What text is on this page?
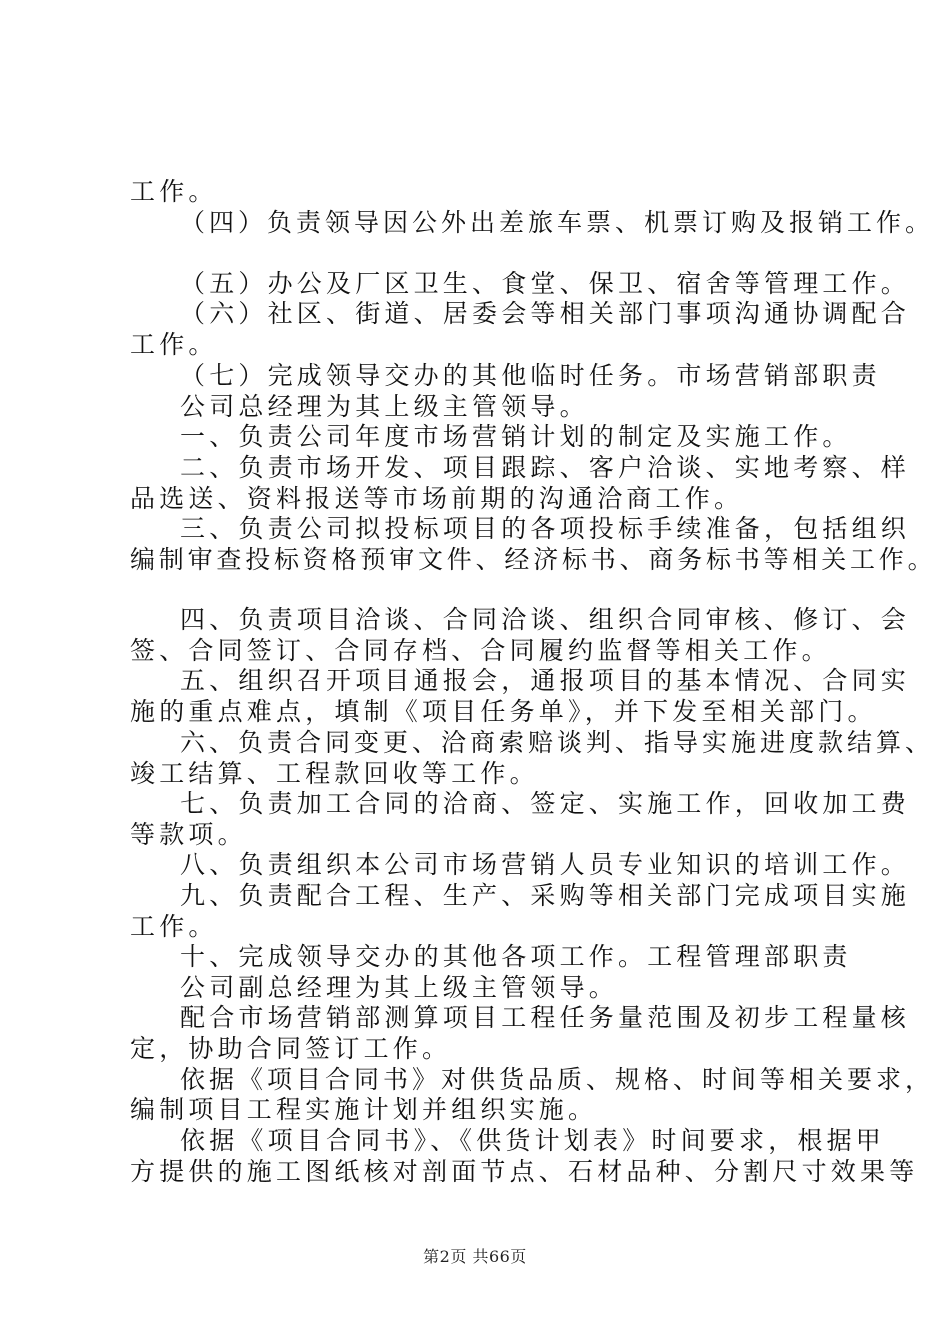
工作。
（四）负责领导因公外出差旅车票、机票订购及报销工作。
（五）办公及厂区卫生、食堂、保卫、宿舍等管理工作。
（六）社区、街道、居委会等相关部门事项沟通协调配合
工作。
（七）完成领导交办的其他临时任务。市场营销部职责
公司总经理为其上级主管领导。
一、负责公司年度市场营销计划的制定及实施工作。
二、负责市场开发、项目跟踪、客户洽谈、实地考察、样
品选送、资料报送等市场前期的沟通洽商工作。
三、负责公司拟投标项目的各项投标手续准备，包括组织
编制审查投标资格预审文件、经济标书、商务标书等相关工作。
四、负责项目洽谈、合同洽谈、组织合同审核、修订、会
签、合同签订、合同存档、合同履约监督等相关工作。
五、组织召开项目通报会，通报项目的基本情况、合同实
施的重点难点，填制《项目任务单》，并下发至相关部门。
六、负责合同变更、洽商索赔谈判、指导实施进度款结算、
竣工结算、工程款回收等工作。
七、负责加工合同的洽商、签定、实施工作，回收加工费
等款项。
八、负责组织本公司市场营销人员专业知识的培训工作。
九、负责配合工程、生产、采购等相关部门完成项目实施
工作。
十、完成领导交办的其他各项工作。工程管理部职责
公司副总经理为其上级主管领导。
配合市场营销部测算项目工程任务量范围及初步工程量核
定，协助合同签订工作。
依据《项目合同书》对供货品质、规格、时间等相关要求，
编制项目工程实施计划并组织实施。
依据《项目合同书》、《供货计划表》时间要求，根据甲
方提供的施工图纸核对剖面节点、石材品种、分割尺寸效果等
第2页 共66页
